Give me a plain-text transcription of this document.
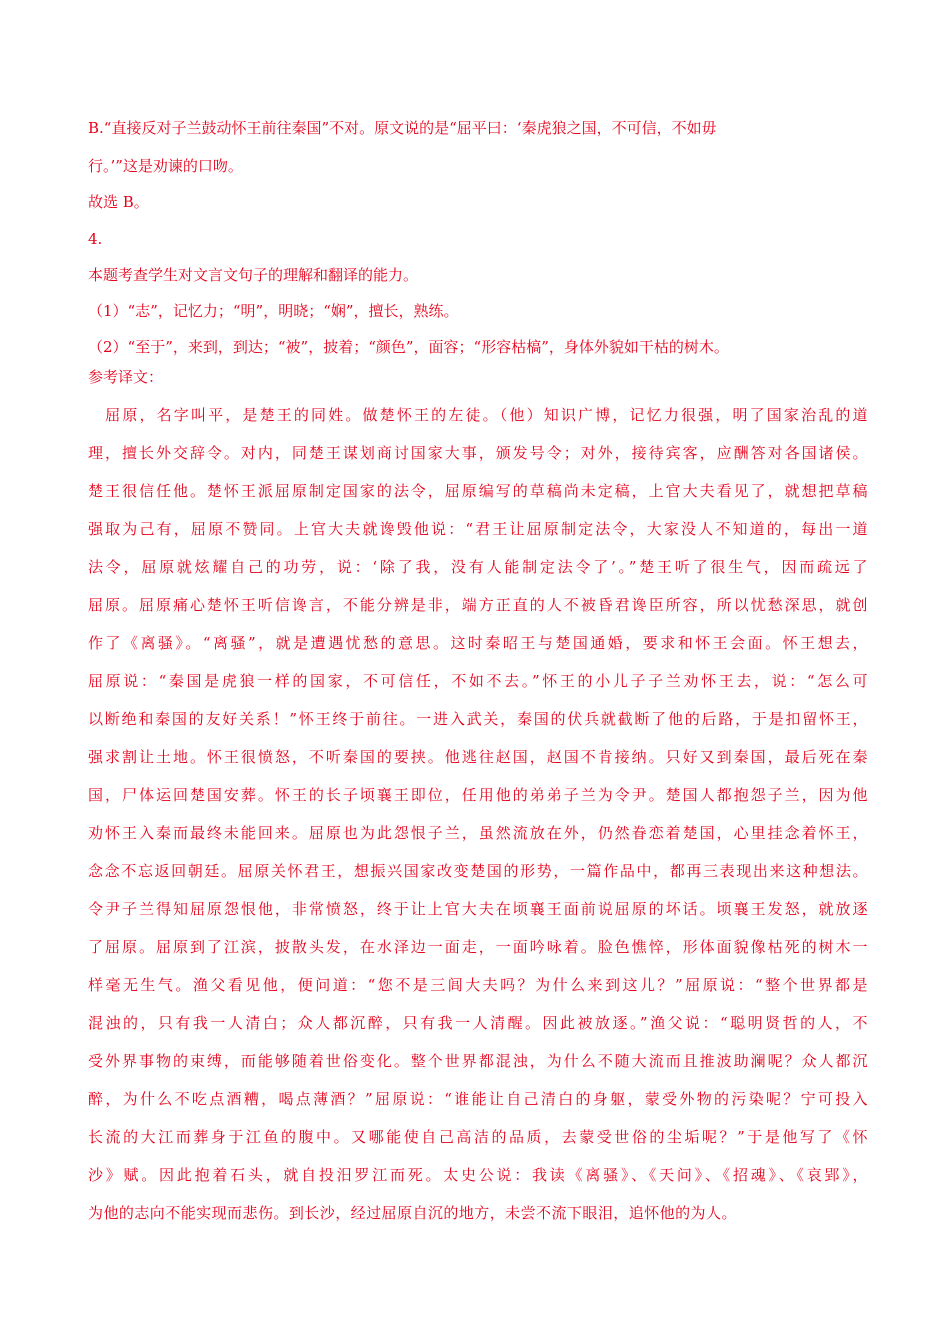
B.“直接反对子兰鼓动怀王前往秦国”不对。原文说的是“屈平曰：‘秦虎狼之国，不可信，不如毋
行。’”这是劝谏的口吻。
故选 B。
4.
本题考查学生对文言文句子的理解和翻译的能力。
（1）“志”，记忆力；“明”，明晓；“娴”，擅长，熟练。
（2）“至于”，来到，到达；“被”，披着；“颜色”，面容；“形容枯槁”，身体外貌如干枯的树木。
参考译文：
　屈原，名字叫平，是楚王的同姓。做楚怀王的左徒。（他）知识广博，记忆力很强，明了国家治乱的道
理，擅长外交辞令。对内，同楚王谋划商讨国家大事，颁发号令；对外，接待宾客，应酬答对各国诸侯。
楚王很信任他。楚怀王派屈原制定国家的法令，屈原编写的草稿尚未定稿，上官大夫看见了，就想把草稿
强取为己有，屈原不赞同。上官大夫就谗毁他说：“君王让屈原制定法令，大家没人不知道的，每出一道
法令，屈原就炫耀自己的功劳，说：‘除了我，没有人能制定法令了’。”楚王听了很生气，因而疏远了
屈原。屈原痛心楚怀王听信谗言，不能分辨是非，端方正直的人不被昏君谗臣所容，所以忧愁深思，就创
作了《离骚》。“离骚”，就是遭遇忧愁的意思。这时秦昭王与楚国通婚，要求和怀王会面。怀王想去，
屈原说：“秦国是虎狼一样的国家，不可信任，不如不去。”怀王的小儿子子兰劝怀王去，说：“怎么可
以断绝和秦国的友好关系！”怀王终于前往。一进入武关，秦国的伏兵就截断了他的后路，于是扣留怀王，
强求割让土地。怀王很愤怒，不听秦国的要挟。他逃往赵国，赵国不肯接纳。只好又到秦国，最后死在秦
国，尸体运回楚国安葬。怀王的长子顷襄王即位，任用他的弟弟子兰为令尹。楚国人都抱怨子兰，因为他
劝怀王入秦而最终未能回来。屈原也为此怨恨子兰，虽然流放在外，仍然眷恋着楚国，心里挂念着怀王，
念念不忘返回朝廷。屈原关怀君王，想振兴国家改变楚国的形势，一篇作品中，都再三表现出来这种想法。
令尹子兰得知屈原怨恨他，非常愤怒，终于让上官大夫在顷襄王面前说屈原的坏话。顷襄王发怒，就放逐
了屈原。屈原到了江滨，披散头发，在水泽边一面走，一面吟咏着。脸色憔悴，形体面貌像枯死的树木一
样毫无生气。渔父看见他，便问道：“您不是三闾大夫吗？为什么来到这儿？”屈原说：“整个世界都是
混浊的，只有我一人清白；众人都沉醉，只有我一人清醒。因此被放逐。”渔父说：“聪明贤哲的人，不
受外界事物的束缚，而能够随着世俗变化。整个世界都混浊，为什么不随大流而且推波助澜呢？众人都沉
醉，为什么不吃点酒糟，喝点薄酒？”屈原说：“谁能让自己清白的身躯，蒙受外物的污染呢？宁可投入
长流的大江而葬身于江鱼的腹中。又哪能使自己高洁的品质，去蒙受世俗的尘垢呢？”于是他写了《怀
沙》赋。因此抱着石头，就自投汨罗江而死。太史公说：我读《离骚》、《天问》、《招魂》、《哀郢》，
为他的志向不能实现而悲伤。到长沙，经过屈原自沉的地方，未尝不流下眼泪，追怀他的为人。
